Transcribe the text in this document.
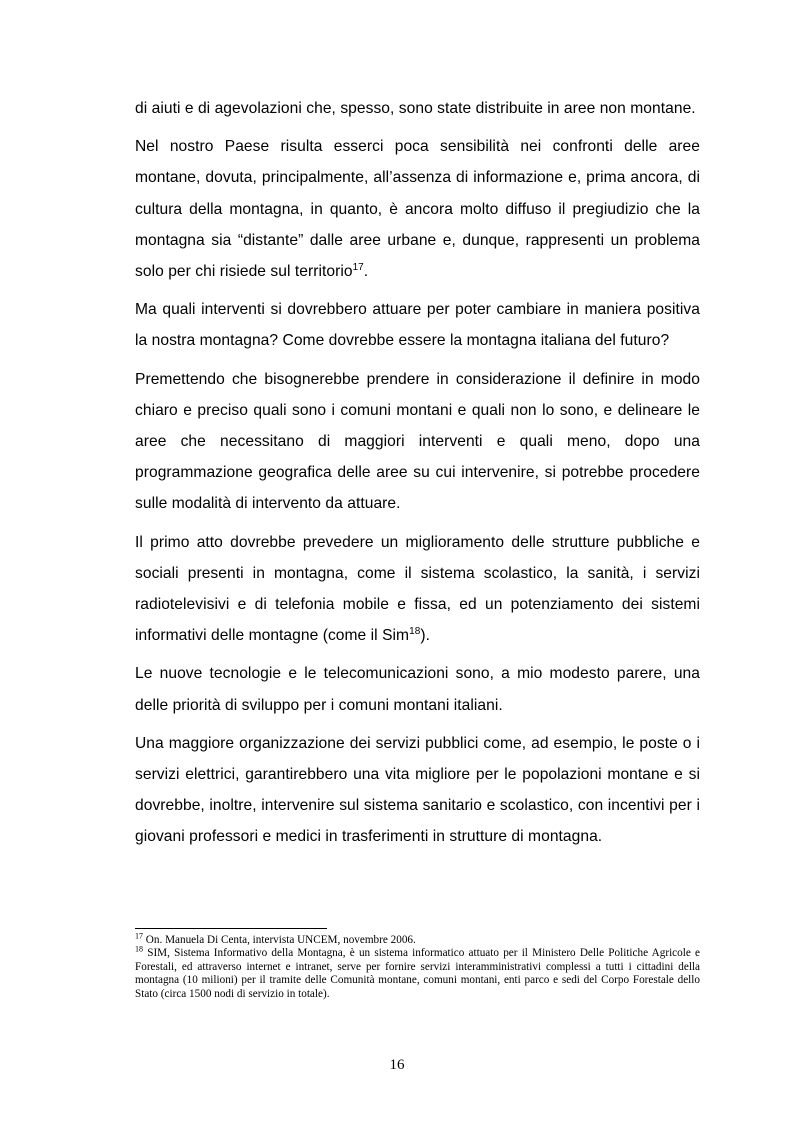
di aiuti e di agevolazioni che, spesso, sono state distribuite in aree non montane.

Nel nostro Paese risulta esserci poca sensibilità nei confronti delle aree montane, dovuta, principalmente, all’assenza di informazione e, prima ancora, di cultura della montagna, in quanto, è ancora molto diffuso il pregiudizio che la montagna sia “distante” dalle aree urbane e, dunque, rappresenti un problema solo per chi risiede sul territorio$^{17}$.

Ma quali interventi si dovrebbero attuare per poter cambiare in maniera positiva la nostra montagna? Come dovrebbe essere la montagna italiana del futuro?

Premettendo che bisognerebbe prendere in considerazione il definire in modo chiaro e preciso quali sono i comuni montani e quali non lo sono, e delineare le aree che necessitano di maggiori interventi e quali meno, dopo una programmazione geografica delle aree su cui intervenire, si potrebbe procedere sulle modalità di intervento da attuare.

Il primo atto dovrebbe prevedere un miglioramento delle strutture pubbliche e sociali presenti in montagna, come il sistema scolastico, la sanità, i servizi radiotelevisivi e di telefonia mobile e fissa, ed un potenziamento dei sistemi informativi delle montagne (come il Sim$^{18}$).

Le nuove tecnologie e le telecomunicazioni sono, a mio modesto parere, una delle priorità di sviluppo per i comuni montani italiani.

Una maggiore organizzazione dei servizi pubblici come, ad esempio, le poste o i servizi elettrici, garantirebbero una vita migliore per le popolazioni montane e si dovrebbe, inoltre, intervenire sul sistema sanitario e scolastico, con incentivi per i giovani professori e medici in trasferimenti in strutture di montagna.

$^{17}$ On. Manuela Di Centa, intervista UNCEM, novembre 2006.

$^{18}$ SIM, Sistema Informativo della Montagna, è un sistema informatico attuato per il Ministero Delle Politiche Agricole e Forestali, ed attraverso internet e intranet, serve per fornire servizi interamministrativi complessi a tutti i cittadini della montagna (10 milioni) per il tramite delle Comunità montane, comuni montani, enti parco e sedi del Corpo Forestale dello Stato (circa 1500 nodi di servizio in totale).

16
